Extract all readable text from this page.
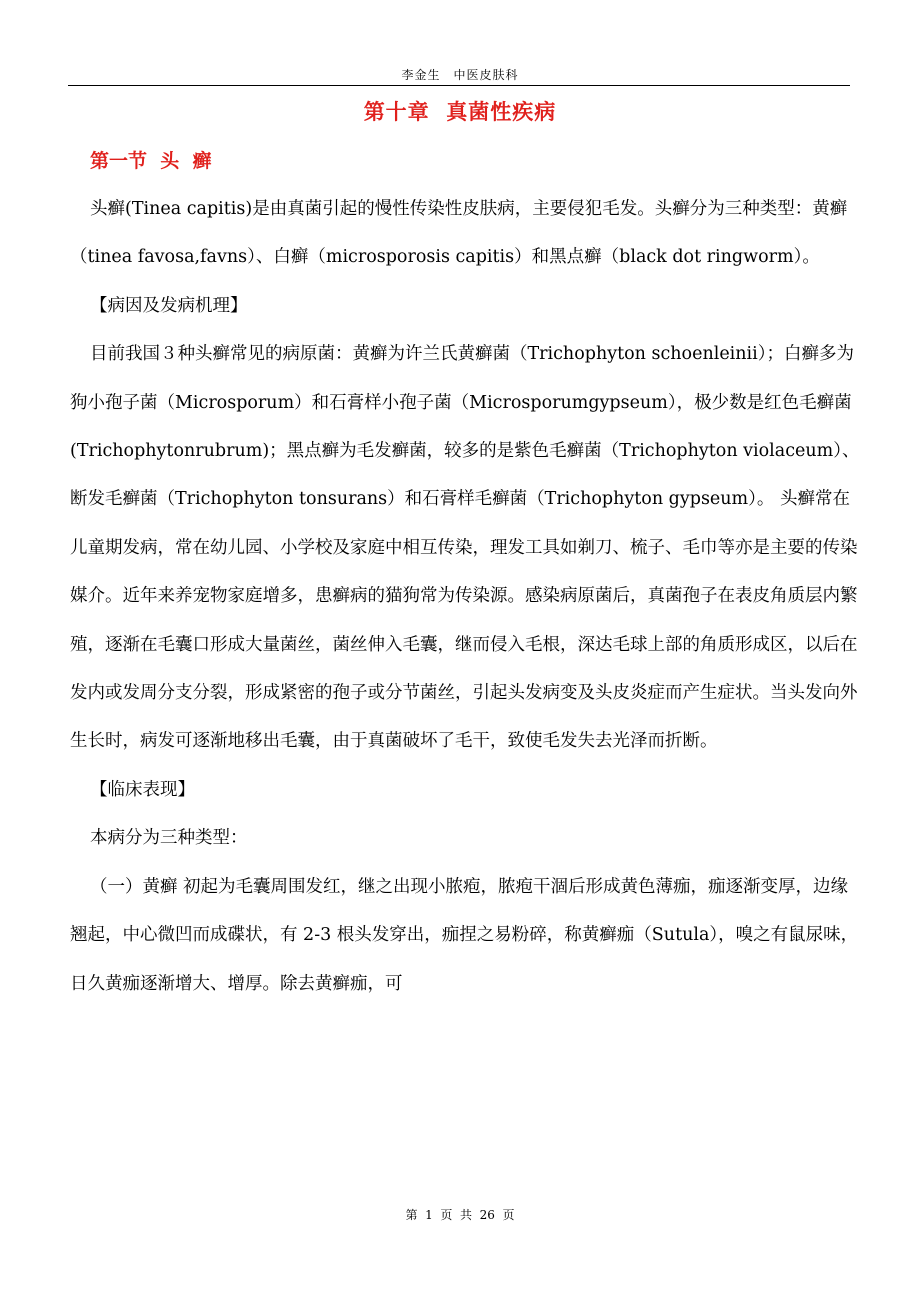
李金生　中医皮肤科
第十章  真菌性疾病
第一节  头  癣

头癣(Tinea capitis)是由真菌引起的慢性传染性皮肤病，主要侵犯毛发。头癣分为三种类型：黄癣（tinea favosa,favns）、白癣（microsporosis capitis）和黑点癣（black dot ringworm）。

【病因及发病机理】

目前我国３种头癣常见的病原菌：黄癣为许兰氏黄癣菌（Trichophyton schoenleinii）；白癣多为狗小孢子菌（Microsporum）和石膏样小孢子菌（Microsporumgypseum），极少数是红色毛癣菌(Trichophytonrubrum)；黑点癣为毛发癣菌，较多的是紫色毛癣菌（Trichophyton violaceum）、断发毛癣菌（Trichophyton tonsurans）和石膏样毛癣菌（Trichophyton gypseum）。 头癣常在儿童期发病，常在幼儿园、小学校及家庭中相互传染，理发工具如剃刀、梳子、毛巾等亦是主要的传染媒介。近年来养宠物家庭增多，患癣病的猫狗常为传染源。感染病原菌后，真菌孢子在表皮角质层内繁殖，逐渐在毛囊口形成大量菌丝，菌丝伸入毛囊，继而侵入毛根，深达毛球上部的角质形成区，以后在发内或发周分支分裂，形成紧密的孢子或分节菌丝，引起头发病变及头皮炎症而产生症状。当头发向外生长时，病发可逐渐地移出毛囊，由于真菌破坏了毛干，致使毛发失去光泽而折断。

【临床表现】

本病分为三种类型：

（一）黄癣 初起为毛囊周围发红，继之出现小脓疱，脓疱干涸后形成黄色薄痂，痂逐渐变厚，边缘翘起，中心微凹而成碟状，有 2-3 根头发穿出，痂捏之易粉碎，称黄癣痂（Sutula），嗅之有鼠尿味，日久黄痂逐渐增大、增厚。除去黄癣痂，可

第  1  页  共  26  页
